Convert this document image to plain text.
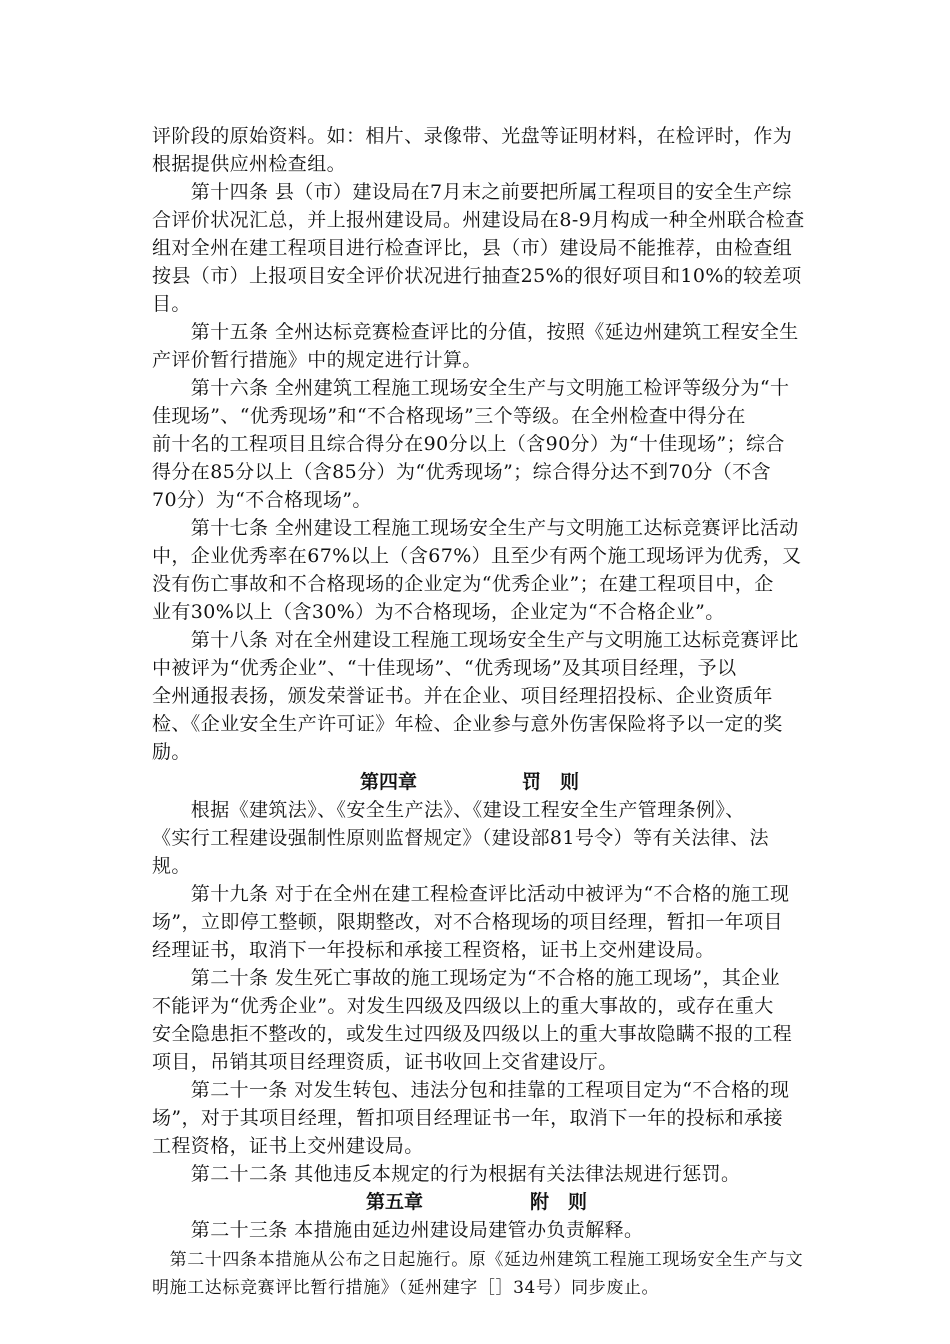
评阶段的原始资料。如：相片、录像带、光盘等证明材料，在检评时，作为
根据提供应州检查组。
　　第十四条 县（市）建设局在7月末之前要把所属工程项目的安全生产综
合评价状况汇总，并上报州建设局。州建设局在8-9月构成一种全州联合检查
组对全州在建工程项目进行检查评比，县（市）建设局不能推荐，由检查组
按县（市）上报项目安全评价状况进行抽查25%的很好项目和10%的较差项
目。
　　第十五条 全州达标竞赛检查评比的分值，按照《延边州建筑工程安全生
产评价暂行措施》中的规定进行计算。
　　第十六条 全州建筑工程施工现场安全生产与文明施工检评等级分为“十
佳现场”、“优秀现场”和“不合格现场”三个等级。在全州检查中得分在
前十名的工程项目且综合得分在90分以上（含90分）为“十佳现场”；综合
得分在85分以上（含85分）为“优秀现场”；综合得分达不到70分（不含
70分）为“不合格现场”。
　　第十七条 全州建设工程施工现场安全生产与文明施工达标竞赛评比活动
中，企业优秀率在67%以上（含67%）且至少有两个施工现场评为优秀，又
没有伤亡事故和不合格现场的企业定为“优秀企业”；在建工程项目中，企
业有30%以上（含30%）为不合格现场，企业定为“不合格企业”。
　　第十八条 对在全州建设工程施工现场安全生产与文明施工达标竞赛评比
中被评为“优秀企业”、“十佳现场”、“优秀现场”及其项目经理，予以
全州通报表扬，颁发荣誉证书。并在企业、项目经理招投标、企业资质年
检、《企业安全生产许可证》年检、企业参与意外伤害保险将予以一定的奖
励。
第四章	罚　则
　　根据《建筑法》、《安全生产法》、《建设工程安全生产管理条例》、
《实行工程建设强制性原则监督规定》（建设部81号令）等有关法律、法
规。
　　第十九条 对于在全州在建工程检查评比活动中被评为“不合格的施工现
场”，立即停工整顿，限期整改，对不合格现场的项目经理，暂扣一年项目
经理证书，取消下一年投标和承接工程资格，证书上交州建设局。
　　第二十条 发生死亡事故的施工现场定为“不合格的施工现场”，其企业
不能评为“优秀企业”。对发生四级及四级以上的重大事故的，或存在重大
安全隐患拒不整改的，或发生过四级及四级以上的重大事故隐瞒不报的工程
项目，吊销其项目经理资质，证书收回上交省建设厅。
　　第二十一条 对发生转包、违法分包和挂靠的工程项目定为“不合格的现
场”，对于其项目经理，暂扣项目经理证书一年，取消下一年的投标和承接
工程资格，证书上交州建设局。
　　第二十二条 其他违反本规定的行为根据有关法律法规进行惩罚。
第五章	附　则
　　第二十三条 本措施由延边州建设局建管办负责解释。
　第二十四条本措施从公布之日起施行。原《延边州建筑工程施工现场安全生产与文
明施工达标竞赛评比暂行措施》（延州建字［］34号）同步废止。
